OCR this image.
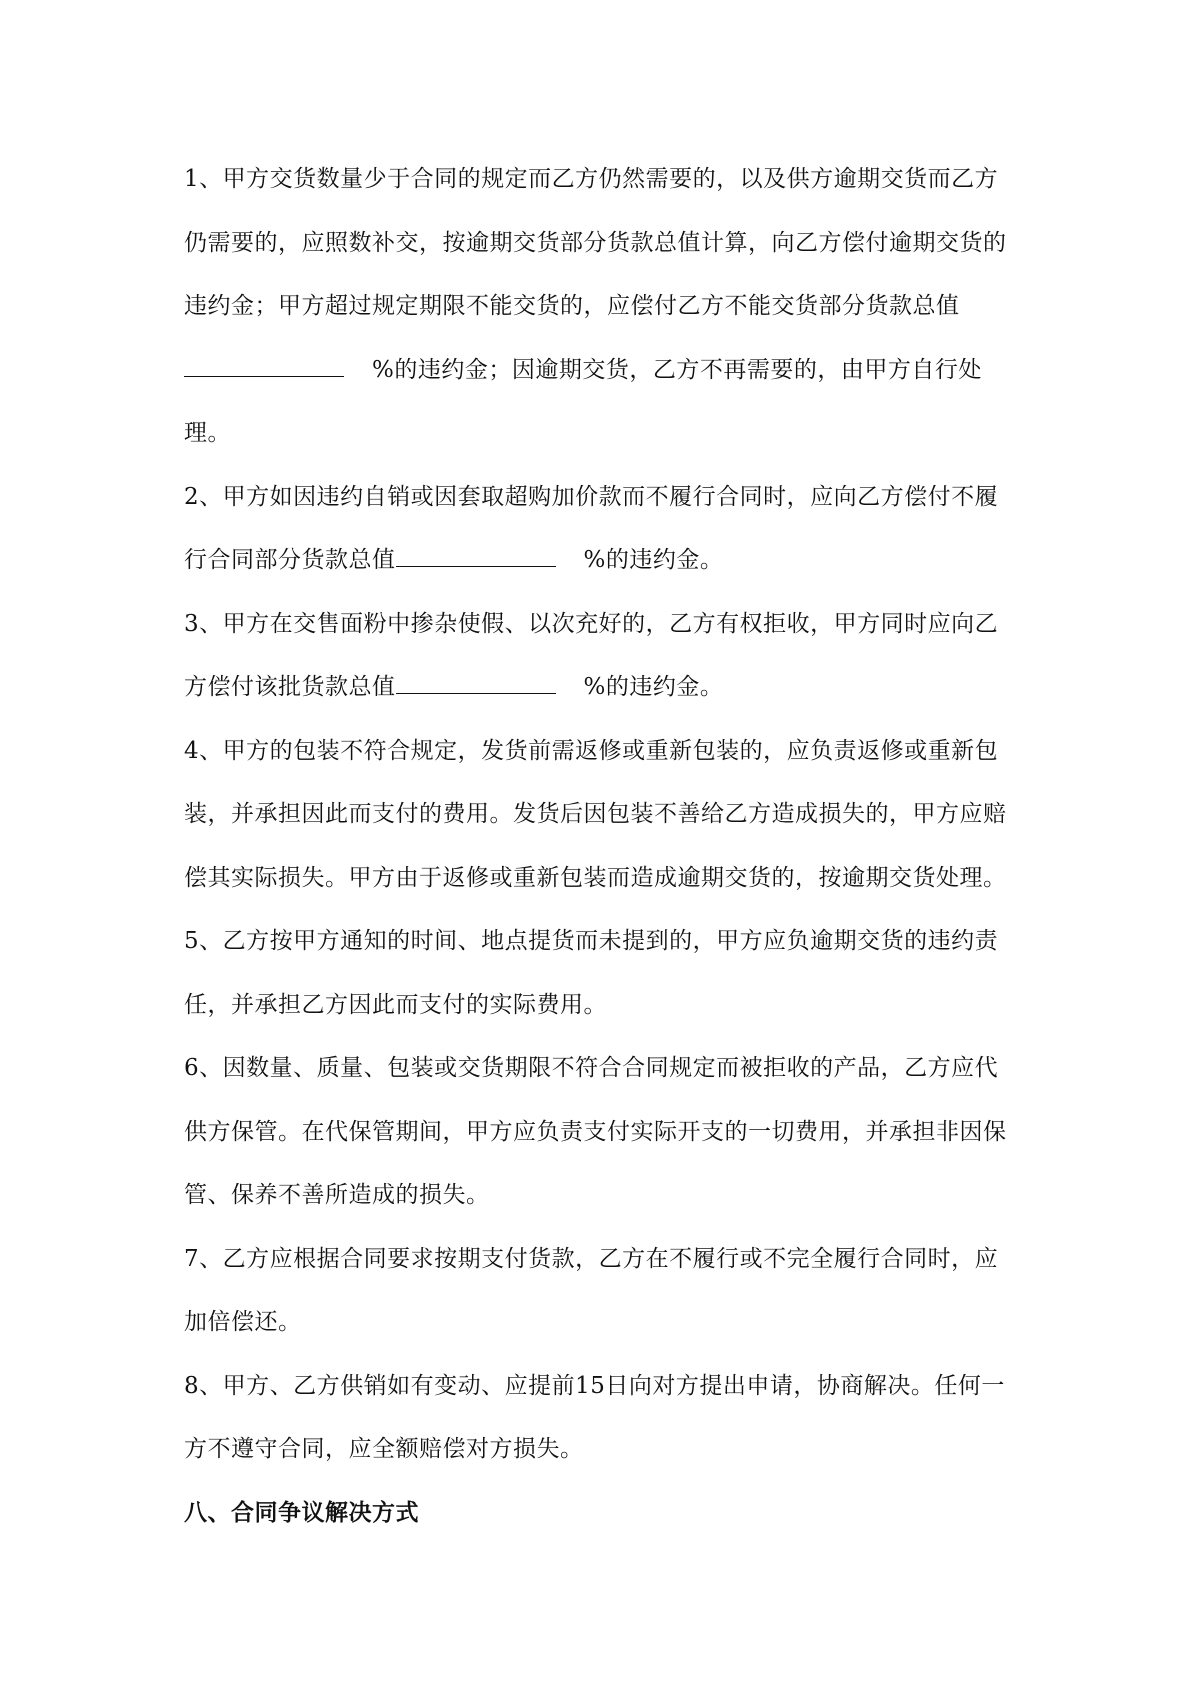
1、甲方交货数量少于合同的规定而乙方仍然需要的，以及供方逾期交货而乙方仍需要的，应照数补交，按逾期交货部分货款总值计算，向乙方偿付逾期交货的违约金；甲方超过规定期限不能交货的，应偿付乙方不能交货部分货款总值%的违约金；因逾期交货，乙方不再需要的，由甲方自行处理。

2、甲方如因违约自销或因套取超购加价款而不履行合同时，应向乙方偿付不履行合同部分货款总值	%的违约金。

3、甲方在交售面粉中掺杂使假、以次充好的，乙方有权拒收，甲方同时应向乙方偿付该批货款总值	%的违约金。

4、甲方的包装不符合规定，发货前需返修或重新包装的，应负责返修或重新包装，并承担因此而支付的费用。发货后因包装不善给乙方造成损失的，甲方应赔偿其实际损失。甲方由于返修或重新包装而造成逾期交货的，按逾期交货处理。

5、乙方按甲方通知的时间、地点提货而未提到的，甲方应负逾期交货的违约责任，并承担乙方因此而支付的实际费用。

6、因数量、质量、包装或交货期限不符合合同规定而被拒收的产品，乙方应代供方保管。在代保管期间，甲方应负责支付实际开支的一切费用，并承担非因保管、保养不善所造成的损失。

7、乙方应根据合同要求按期支付货款，乙方在不履行或不完全履行合同时，应加倍偿还。

8、甲方、乙方供销如有变动、应提前15日向对方提出申请，协商解决。任何一方不遵守合同，应全额赔偿对方损失。

八、合同争议解决方式
